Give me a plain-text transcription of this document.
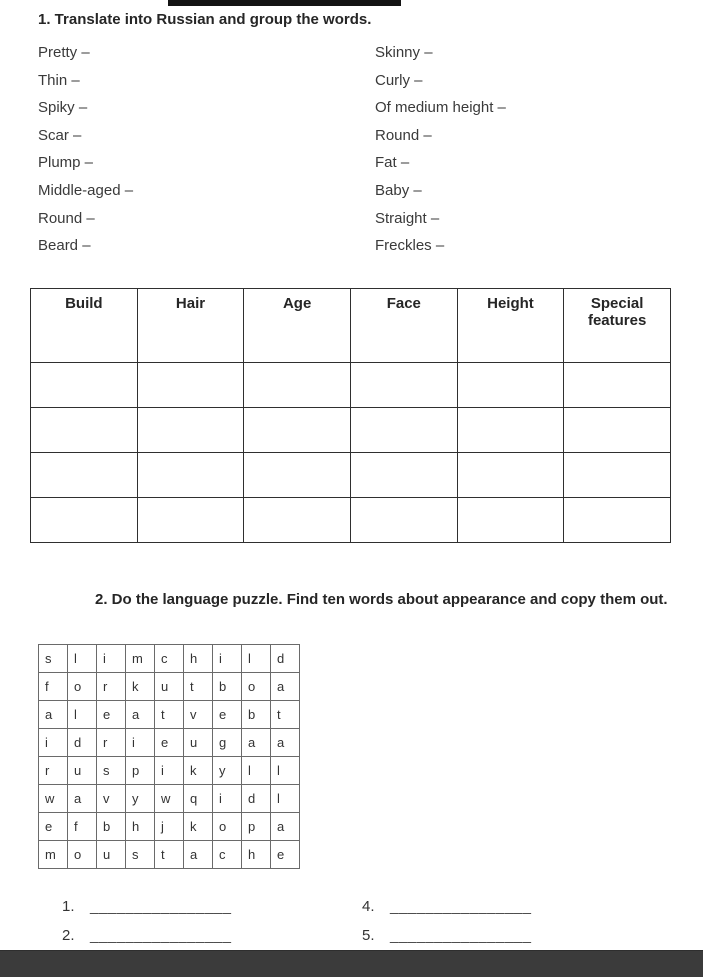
1. Translate into Russian and group the words.
Pretty –
Thin –
Spiky –
Scar –
Plump –
Middle-aged –
Round –
Beard –
Skinny –
Curly –
Of medium height –
Round –
Fat –
Baby –
Straight –
Freckles –
Build	Hair	Age	Face	Height	Special features

2. Do the language puzzle. Find ten words about appearance and copy them out.
s	l	i	m	c	h	i	l	d
f	o	r	k	u	t	b	o	a
a	l	e	a	t	v	e	b	t
i	d	r	i	e	u	g	a	a
r	u	s	p	i	k	y	l	l
w	a	v	y	w	q	i	d	l
e	f	b	h	j	k	o	p	a
m	o	u	s	t	a	c	h	e
1.	________________	4.	________________
2.	________________	5.	________________
